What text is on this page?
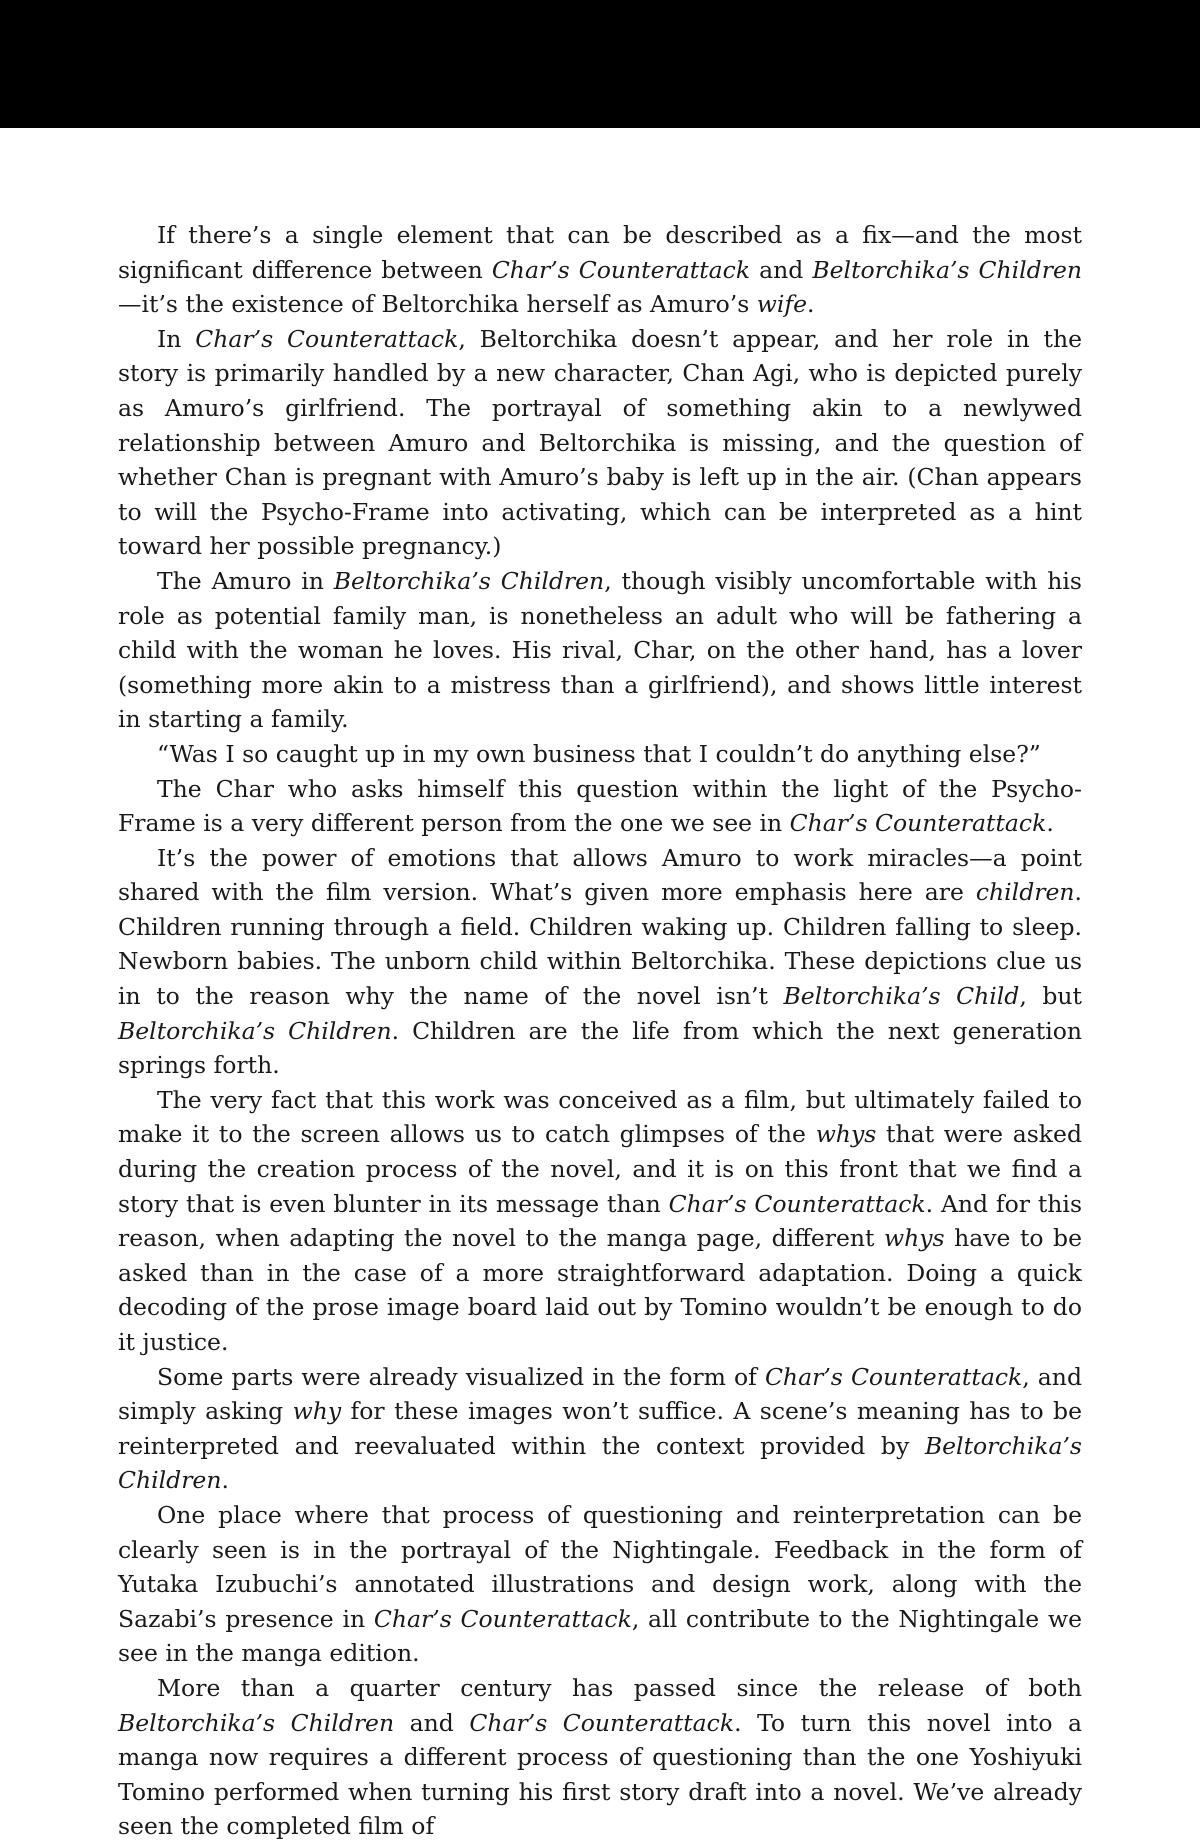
If there’s a single element that can be described as a fix—and the most significant difference between Char’s Counterattack and Beltorchika’s Children—it’s the existence of Beltorchika herself as Amuro’s wife.

In Char’s Counterattack, Beltorchika doesn’t appear, and her role in the story is primarily handled by a new character, Chan Agi, who is depicted purely as Amuro’s girlfriend. The portrayal of something akin to a newlywed relationship between Amuro and Beltorchika is missing, and the question of whether Chan is pregnant with Amuro’s baby is left up in the air. (Chan appears to will the Psycho-Frame into activating, which can be interpreted as a hint toward her possible pregnancy.)

The Amuro in Beltorchika’s Children, though visibly uncomfortable with his role as potential family man, is nonetheless an adult who will be fathering a child with the woman he loves. His rival, Char, on the other hand, has a lover (something more akin to a mistress than a girlfriend), and shows little interest in starting a family.

“Was I so caught up in my own business that I couldn’t do anything else?”

The Char who asks himself this question within the light of the Psycho-Frame is a very different person from the one we see in Char’s Counterattack.

It’s the power of emotions that allows Amuro to work miracles—a point shared with the film version. What’s given more emphasis here are children. Children running through a field. Children waking up. Children falling to sleep. Newborn babies. The unborn child within Beltorchika. These depictions clue us in to the reason why the name of the novel isn’t Beltorchika’s Child, but Beltorchika’s Children. Children are the life from which the next generation springs forth.

The very fact that this work was conceived as a film, but ultimately failed to make it to the screen allows us to catch glimpses of the whys that were asked during the creation process of the novel, and it is on this front that we find a story that is even blunter in its message than Char’s Counterattack. And for this reason, when adapting the novel to the manga page, different whys have to be asked than in the case of a more straightforward adaptation. Doing a quick decoding of the prose image board laid out by Tomino wouldn’t be enough to do it justice.

Some parts were already visualized in the form of Char’s Counterattack, and simply asking why for these images won’t suffice. A scene’s meaning has to be reinterpreted and reevaluated within the context provided by Beltorchika’s Children.

One place where that process of questioning and reinterpretation can be clearly seen is in the portrayal of the Nightingale. Feedback in the form of Yutaka Izubuchi’s annotated illustrations and design work, along with the Sazabi’s presence in Char’s Counterattack, all contribute to the Nightingale we see in the manga edition.

More than a quarter century has passed since the release of both Beltorchika’s Children and Char’s Counterattack. To turn this novel into a manga now requires a different process of questioning than the one Yoshiyuki Tomino performed when turning his first story draft into a novel. We’ve already seen the completed film of
